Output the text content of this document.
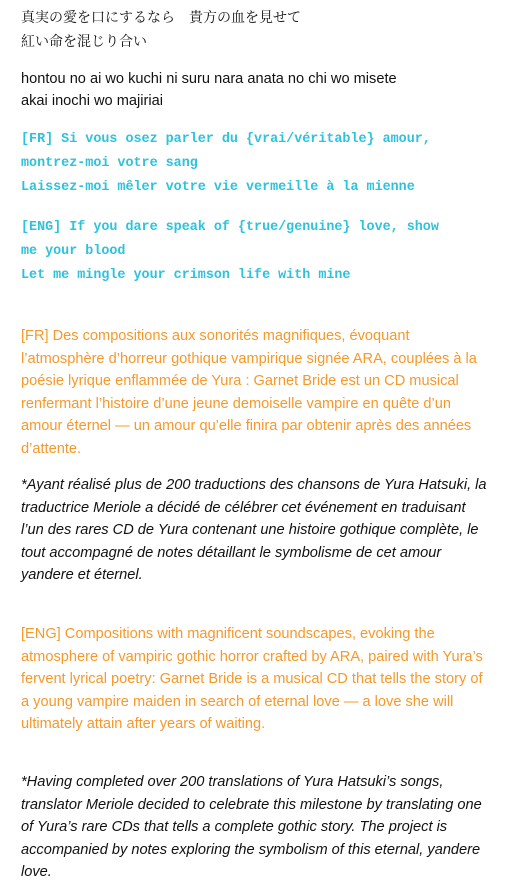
真実の愛を口にするなら　貴方の血を見せて
紅い命を混じり合い
hontou no ai wo kuchi ni suru nara anata no chi wo misete
akai inochi wo majiriai
[FR] Si vous osez parler du {vrai/véritable} amour,
montrez-moi votre sang
Laissez-moi mêler votre vie vermeille à la mienne
[ENG] If you dare speak of {true/genuine} love, show
me your blood
Let me mingle your crimson life with mine
[FR] Des compositions aux sonorités magnifiques, évoquant
l’atmosphère d’horreur gothique vampirique signée ARA, couplées à la
poésie lyrique enflammée de Yura : Garnet Bride est un CD musical
renfermant l’histoire d’une jeune demoiselle vampire en quête d’un
amour éternel — un amour qu’elle finira par obtenir après des années
d’attente.
*Ayant réalisé plus de 200 traductions des chansons de Yura Hatsuki, la
traductrice Meriole a décidé de célébrer cet événement en traduisant
l’un des rares CD de Yura contenant une histoire gothique complète, le
tout accompagné de notes détaillant le symbolisme de cet amour
yandere et éternel.
[ENG] Compositions with magnificent soundscapes, evoking the
atmosphere of vampiric gothic horror crafted by ARA, paired with Yura’s
fervent lyrical poetry: Garnet Bride is a musical CD that tells the story of
a young vampire maiden in search of eternal love — a love she will
ultimately attain after years of waiting.
*Having completed over 200 translations of Yura Hatsuki’s songs,
translator Meriole decided to celebrate this milestone by translating one
of Yura’s rare CDs that tells a complete gothic story. The project is
accompanied by notes exploring the symbolism of this eternal, yandere
love.
